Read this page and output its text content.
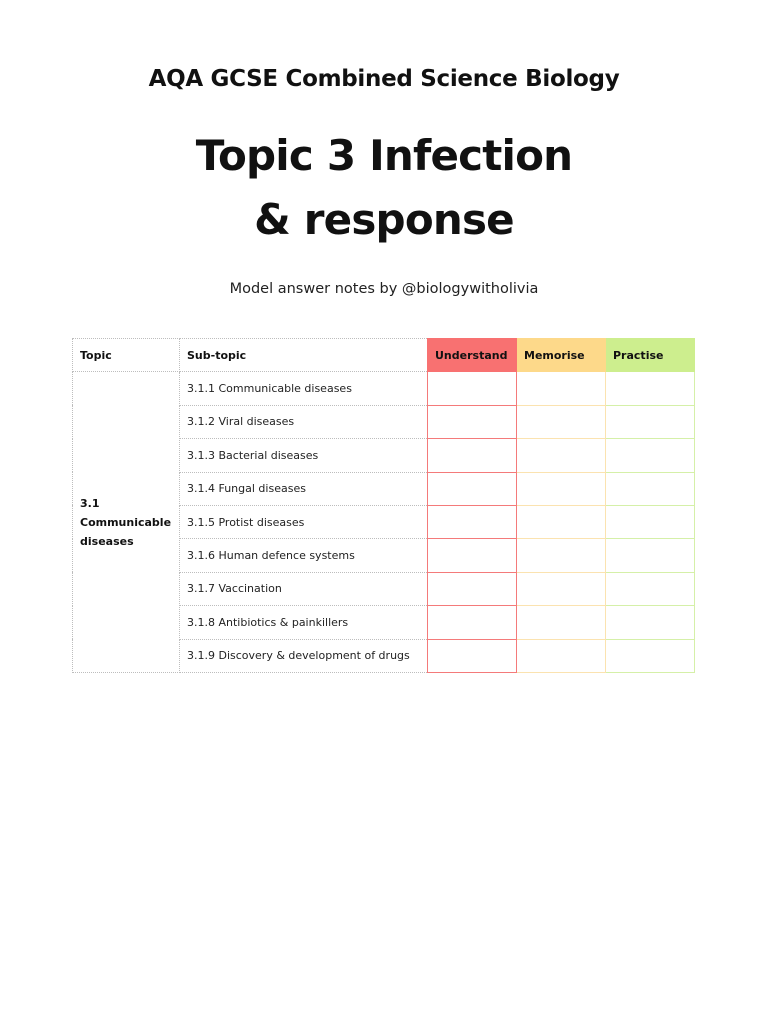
AQA GCSE Combined Science Biology
Topic 3 Infection
& response
Model answer notes by @biologywitholivia
Topic	Sub-topic	Understand	Memorise	Practise

3.1
Communicable
diseases	3.1.1 Communicable diseases			
	3.1.2 Viral diseases			
	3.1.3 Bacterial diseases			
	3.1.4 Fungal diseases			
	3.1.5 Protist diseases			
	3.1.6 Human defence systems			
	3.1.7 Vaccination			
	3.1.8 Antibiotics & painkillers			
	3.1.9 Discovery & development of drugs			
